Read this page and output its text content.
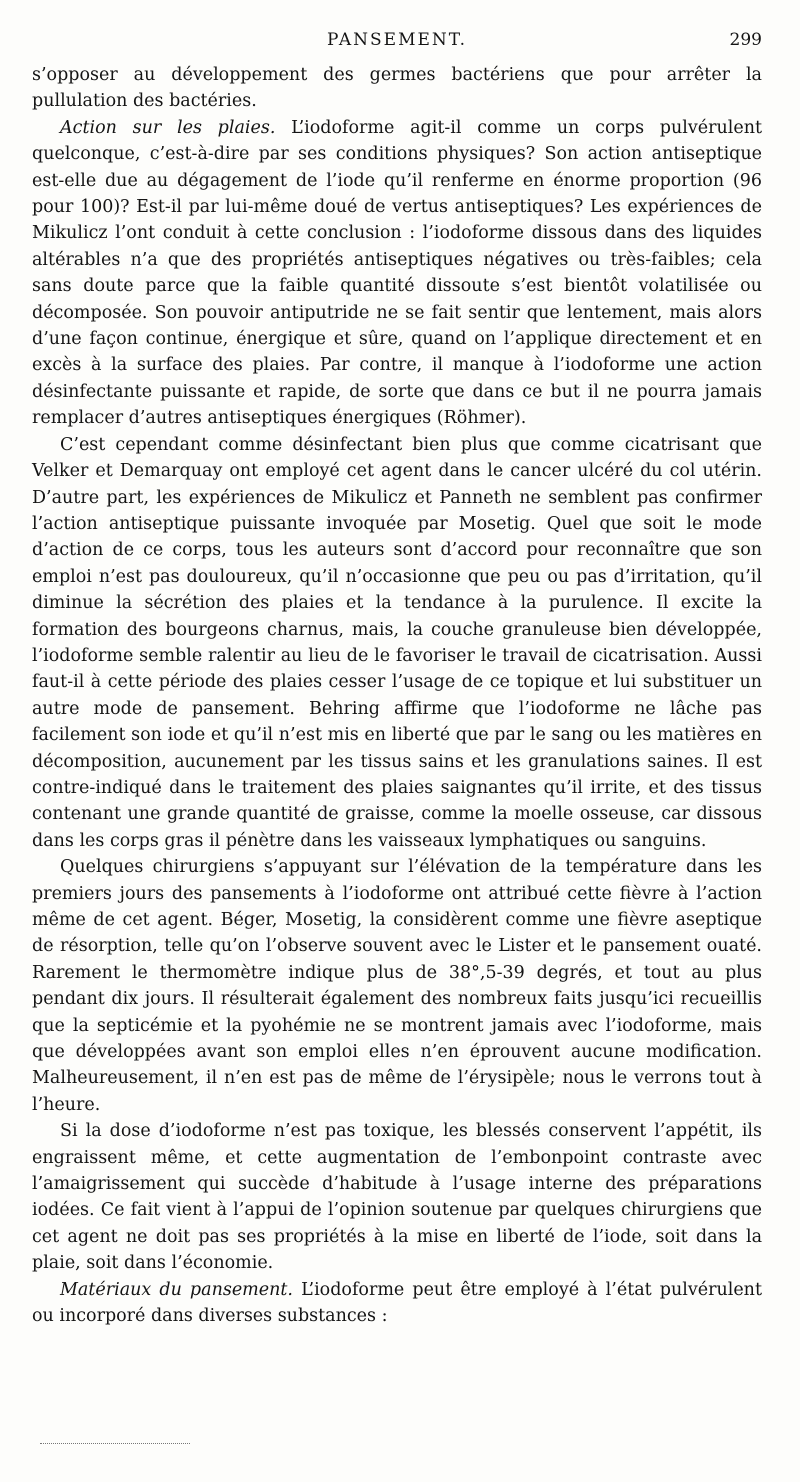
PANSEMENT.	299

s’opposer au développement des germes bactériens que pour arrêter la pullulation des bactéries.

Action sur les plaies. L’iodoforme agit-il comme un corps pulvérulent quelconque, c’est-à-dire par ses conditions physiques? Son action antiseptique est-elle due au dégagement de l’iode qu’il renferme en énorme proportion (96 pour 100)? Est-il par lui-même doué de vertus antiseptiques? Les expériences de Mikulicz l’ont conduit à cette conclusion : l’iodoforme dissous dans des liquides altérables n’a que des propriétés antiseptiques négatives ou très-faibles; cela sans doute parce que la faible quantité dissoute s’est bientôt volatilisée ou décomposée. Son pouvoir antiputride ne se fait sentir que lentement, mais alors d’une façon continue, énergique et sûre, quand on l’applique directement et en excès à la surface des plaies. Par contre, il manque à l’iodoforme une action désinfectante puissante et rapide, de sorte que dans ce but il ne pourra jamais remplacer d’autres antiseptiques énergiques (Röhmer).

C’est cependant comme désinfectant bien plus que comme cicatrisant que Velker et Demarquay ont employé cet agent dans le cancer ulcéré du col utérin. D’autre part, les expériences de Mikulicz et Panneth ne semblent pas confirmer l’action antiseptique puissante invoquée par Mosetig. Quel que soit le mode d’action de ce corps, tous les auteurs sont d’accord pour reconnaître que son emploi n’est pas douloureux, qu’il n’occasionne que peu ou pas d’irritation, qu’il diminue la sécrétion des plaies et la tendance à la purulence. Il excite la formation des bourgeons charnus, mais, la couche granuleuse bien développée, l’iodoforme semble ralentir au lieu de le favoriser le travail de cicatrisation. Aussi faut-il à cette période des plaies cesser l’usage de ce topique et lui substituer un autre mode de pansement. Behring affirme que l’iodoforme ne lâche pas facilement son iode et qu’il n’est mis en liberté que par le sang ou les matières en décomposition, aucunement par les tissus sains et les granulations saines. Il est contre-indiqué dans le traitement des plaies saignantes qu’il irrite, et des tissus contenant une grande quantité de graisse, comme la moelle osseuse, car dissous dans les corps gras il pénètre dans les vaisseaux lymphatiques ou sanguins.

Quelques chirurgiens s’appuyant sur l’élévation de la température dans les premiers jours des pansements à l’iodoforme ont attribué cette fièvre à l’action même de cet agent. Béger, Mosetig, la considèrent comme une fièvre aseptique de résorption, telle qu’on l’observe souvent avec le Lister et le pansement ouaté. Rarement le thermomètre indique plus de 38°,5-39 degrés, et tout au plus pendant dix jours. Il résulterait également des nombreux faits jusqu’ici recueillis que la septicémie et la pyohémie ne se montrent jamais avec l’iodoforme, mais que développées avant son emploi elles n’en éprouvent aucune modification. Malheureusement, il n’en est pas de même de l’érysipèle; nous le verrons tout à l’heure.

Si la dose d’iodoforme n’est pas toxique, les blessés conservent l’appétit, ils engraissent même, et cette augmentation de l’embonpoint contraste avec l’amaigrissement qui succède d’habitude à l’usage interne des préparations iodées. Ce fait vient à l’appui de l’opinion soutenue par quelques chirurgiens que cet agent ne doit pas ses propriétés à la mise en liberté de l’iode, soit dans la plaie, soit dans l’économie.

Matériaux du pansement. L’iodoforme peut être employé à l’état pulvérulent ou incorporé dans diverses substances :
